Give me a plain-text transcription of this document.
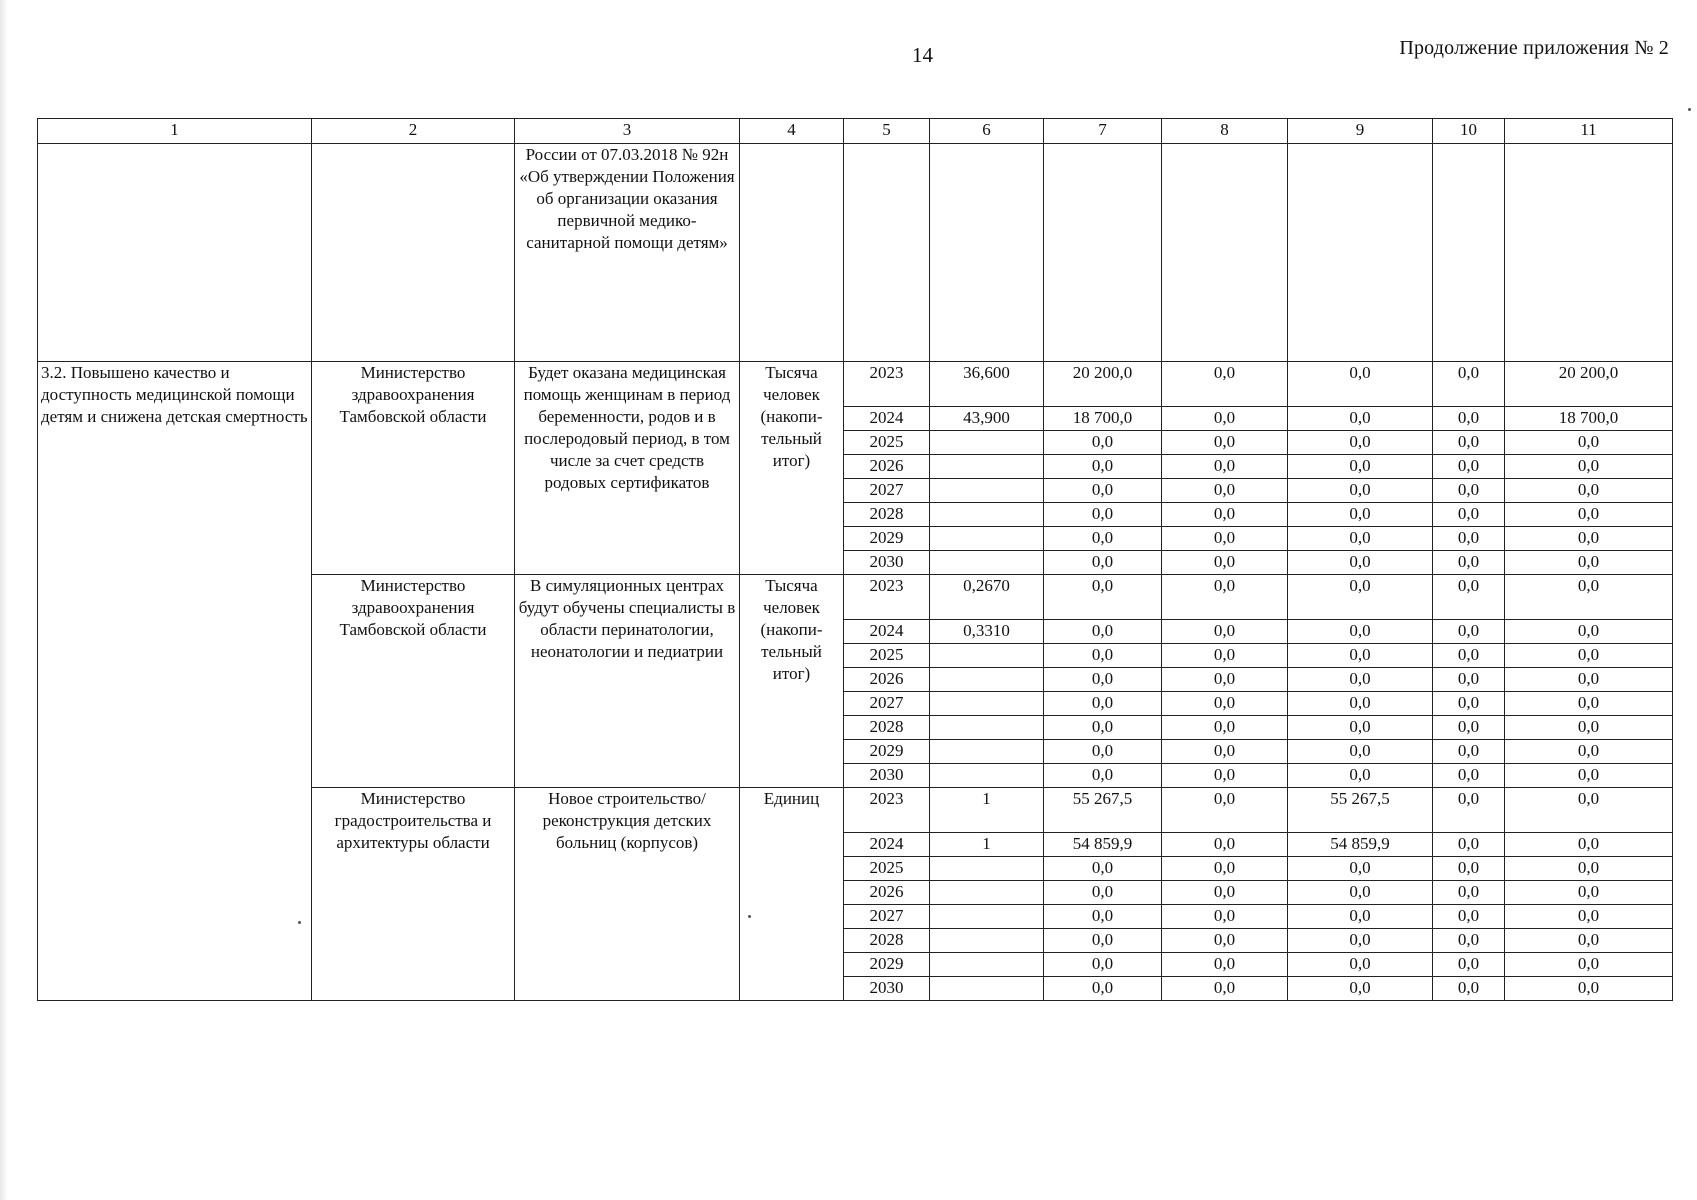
14	Продолжение приложения № 2
1	2	3	4	5	6	7	8	9	10	11
		России от 07.03.2018 № 92н «Об утверждении Положения об организации оказания первичной медико-санитарной помощи детям»								
3.2. Повышено качество и доступность медицинской помощи детям и снижена детская смертность	Министерство здравоохранения Тамбовской области	Будет оказана медицинская помощь женщинам в период беременности, родов и в послеродовый период, в том числе за счет средств родовых сертификатов	Тысяча человек (накопи-тельный итог)	2023	36,600	20 200,0	0,0	0,0	0,0	20 200,0
				2024	43,900	18 700,0	0,0	0,0	0,0	18 700,0
				2025		0,0	0,0	0,0	0,0	0,0
				2026		0,0	0,0	0,0	0,0	0,0
				2027		0,0	0,0	0,0	0,0	0,0
				2028		0,0	0,0	0,0	0,0	0,0
				2029		0,0	0,0	0,0	0,0	0,0
				2030		0,0	0,0	0,0	0,0	0,0
	Министерство здравоохранения Тамбовской области	В симуляционных центрах будут обучены специалисты в области перинатологии, неонатологии и педиатрии	Тысяча человек (накопи-тельный итог)	2023	0,2670	0,0	0,0	0,0	0,0	0,0
				2024	0,3310	0,0	0,0	0,0	0,0	0,0
				2025		0,0	0,0	0,0	0,0	0,0
				2026		0,0	0,0	0,0	0,0	0,0
				2027		0,0	0,0	0,0	0,0	0,0
				2028		0,0	0,0	0,0	0,0	0,0
				2029		0,0	0,0	0,0	0,0	0,0
				2030		0,0	0,0	0,0	0,0	0,0
	Министерство градостроительства и архитектуры области	Новое строительство/ реконструкция детских больниц (корпусов)	Единиц	2023	1	55 267,5	0,0	55 267,5	0,0	0,0
				2024	1	54 859,9	0,0	54 859,9	0,0	0,0
				2025		0,0	0,0	0,0	0,0	0,0
				2026		0,0	0,0	0,0	0,0	0,0
				2027		0,0	0,0	0,0	0,0	0,0
				2028		0,0	0,0	0,0	0,0	0,0
				2029		0,0	0,0	0,0	0,0	0,0
				2030		0,0	0,0	0,0	0,0	0,0
